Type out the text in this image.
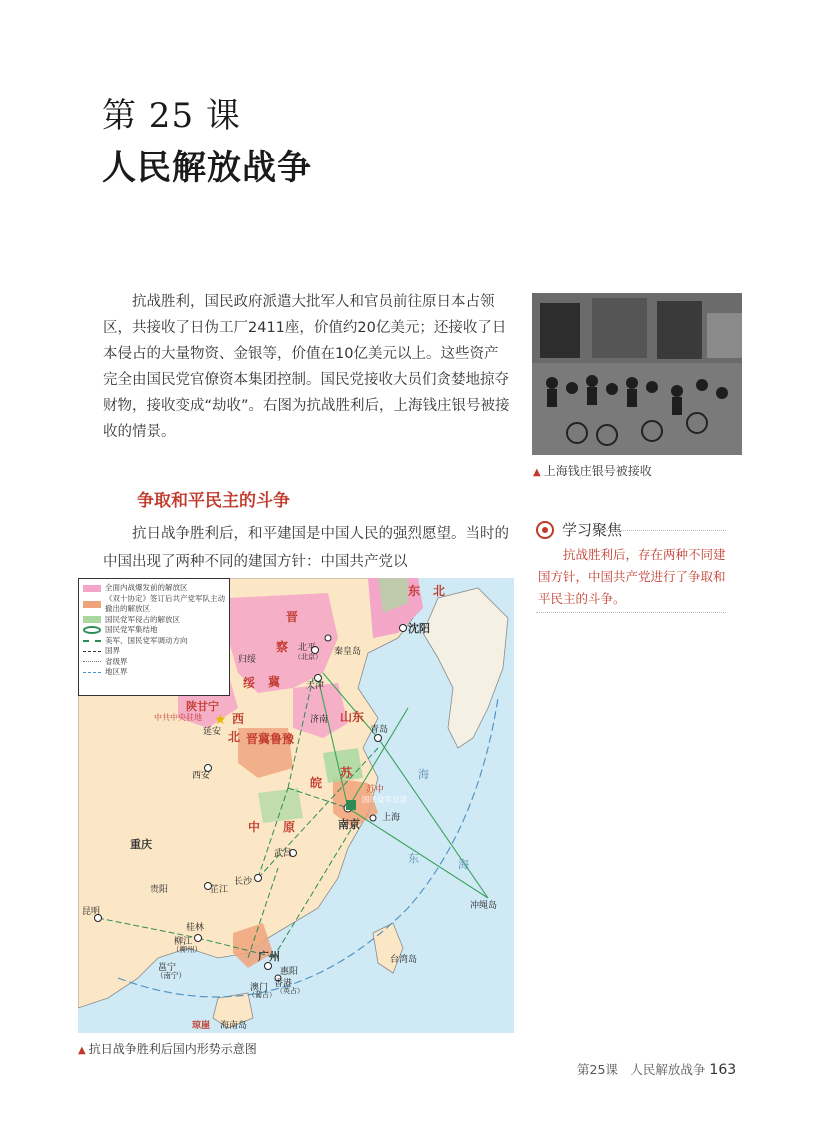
第 25 课
人民解放战争

抗战胜利，国民政府派遣大批军人和官员前往原日本占领区，共接收了日伪工厂2411座，价值约20亿美元；还接收了日本侵占的大量物资、金银等，价值在10亿美元以上。这些资产完全由国民党官僚资本集团控制。国民党接收大员们贪婪地掠夺财物，接收变成“劫收”。右图为抗战胜利后，上海钱庄银号被接收的情景。

▲ 上海钱庄银号被接收
争取和平民主的斗争

抗日战争胜利后，和平建国是中国人民的强烈愿望。当时的中国出现了两种不同的建国方针：中国共产党以

学习聚焦
抗战胜利后，存在两种不同建国方针，中国共产党进行了争取和平民主的斗争。
★
全面内战爆发前的解放区
《双十协定》签订后共产党军队主动撤出的解放区
国民党军侵占的解放区
国民党军集结地
美军、国民党军调动方向
国界
省级界
地区界
东 北
沈阳
晋
察
冀
归绥
绥
北平
（北京） 秦皇岛
天津
陕甘宁
中共中央驻地
延安
西
北 晋冀鲁豫
济南 山东
青岛
西安	苏
皖	苏中
国民党军总部
南京 上海
中 原
重庆
武昌
长沙
芷江
贵阳
昆明
桂林
柳江
（柳州）
邕宁
（南宁）
广州
惠阳
香港
（英占）
澳门
（葡占）
台湾岛
冲绳岛
琼崖 海南岛
海
海
东
▲ 抗日战争胜利后国内形势示意图
第25课　人民解放战争 163
